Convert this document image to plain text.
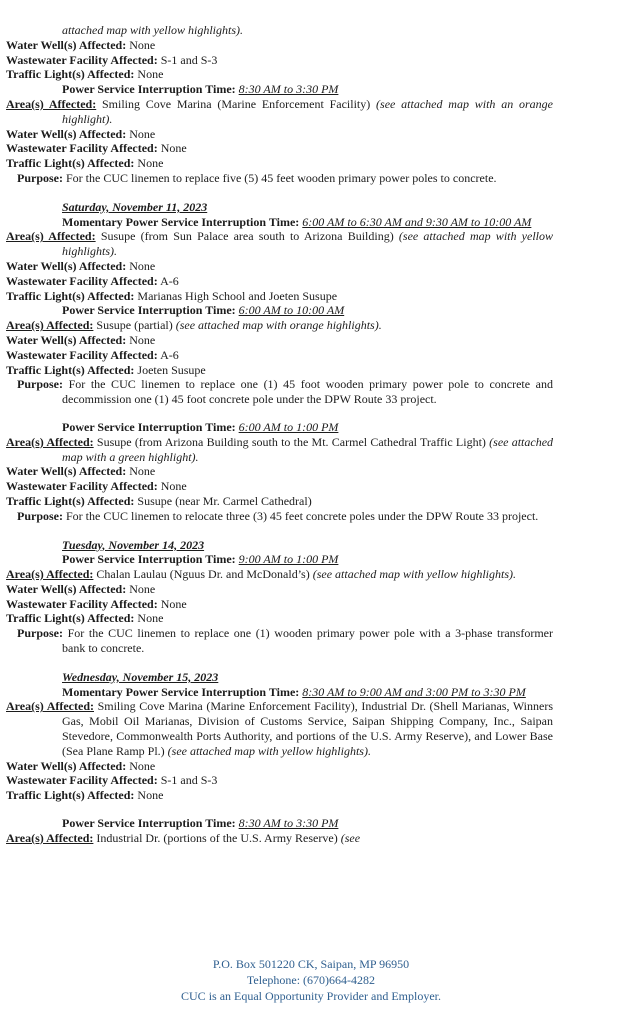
attached map with yellow highlights).

Water Well(s) Affected: None

Wastewater Facility Affected: S-1 and S-3

Traffic Light(s) Affected: None

Power Service Interruption Time: 8:30 AM to 3:30 PM

Area(s) Affected: Smiling Cove Marina (Marine Enforcement Facility) (see attached map with an orange highlight).

Water Well(s) Affected: None

Wastewater Facility Affected: None

Traffic Light(s) Affected: None

Purpose: For the CUC linemen to replace five (5) 45 feet wooden primary power poles to concrete.

Saturday, November 11, 2023

Momentary Power Service Interruption Time: 6:00 AM to 6:30 AM and 9:30 AM to 10:00 AM

Area(s) Affected: Susupe (from Sun Palace area south to Arizona Building) (see attached map with yellow highlights).

Water Well(s) Affected: None

Wastewater Facility Affected: A-6

Traffic Light(s) Affected: Marianas High School and Joeten Susupe

Power Service Interruption Time: 6:00 AM to 10:00 AM

Area(s) Affected: Susupe (partial) (see attached map with orange highlights).

Water Well(s) Affected: None

Wastewater Facility Affected: A-6

Traffic Light(s) Affected: Joeten Susupe

Purpose: For the CUC linemen to replace one (1) 45 foot wooden primary power pole to concrete and decommission one (1) 45 foot concrete pole under the DPW Route 33 project.

Power Service Interruption Time: 6:00 AM to 1:00 PM

Area(s) Affected: Susupe (from Arizona Building south to the Mt. Carmel Cathedral Traffic Light) (see attached map with a green highlight).

Water Well(s) Affected: None

Wastewater Facility Affected: None

Traffic Light(s) Affected: Susupe (near Mr. Carmel Cathedral)

Purpose: For the CUC linemen to relocate three (3) 45 feet concrete poles under the DPW Route 33 project.

Tuesday, November 14, 2023

Power Service Interruption Time: 9:00 AM to 1:00 PM

Area(s) Affected: Chalan Laulau (Nguus Dr. and McDonald’s) (see attached map with yellow highlights).

Water Well(s) Affected: None

Wastewater Facility Affected: None

Traffic Light(s) Affected: None

Purpose: For the CUC linemen to replace one (1) wooden primary power pole with a 3-phase transformer bank to concrete.

Wednesday, November 15, 2023

Momentary Power Service Interruption Time: 8:30 AM to 9:00 AM and 3:00 PM to 3:30 PM

Area(s) Affected: Smiling Cove Marina (Marine Enforcement Facility), Industrial Dr. (Shell Marianas, Winners Gas, Mobil Oil Marianas, Division of Customs Service, Saipan Shipping Company, Inc., Saipan Stevedore, Commonwealth Ports Authority, and portions of the U.S. Army Reserve), and Lower Base (Sea Plane Ramp Pl.) (see attached map with yellow highlights).

Water Well(s) Affected: None

Wastewater Facility Affected: S-1 and S-3

Traffic Light(s) Affected: None

Power Service Interruption Time: 8:30 AM to 3:30 PM

Area(s) Affected: Industrial Dr. (portions of the U.S. Army Reserve) (see

P.O. Box 501220 CK, Saipan, MP 96950
Telephone: (670)664-4282
CUC is an Equal Opportunity Provider and Employer.
